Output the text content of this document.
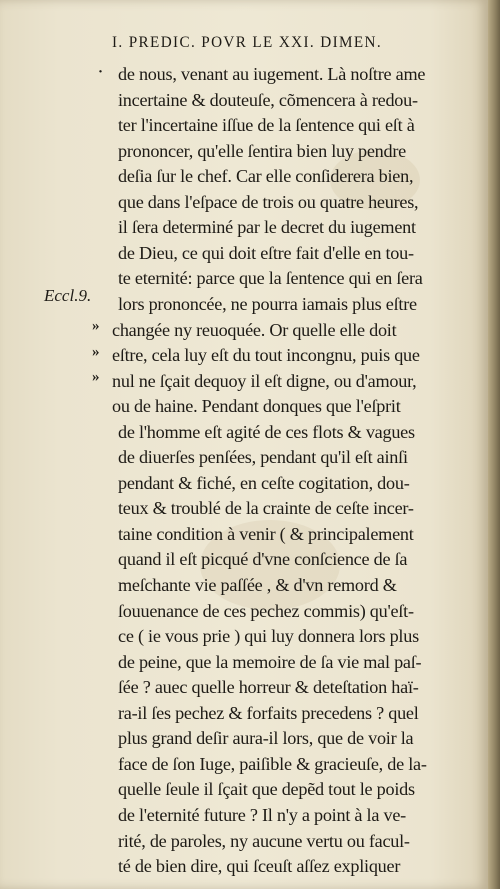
I. PREDIC. POVR LE XXI. DIMEN.
·
Eccl.9.
»
»
»
de nous, venant au iugement. Là noſtre ame
incertaine & douteuſe, cõmencera à redou-
ter l'incertaine iſſue de la ſentence qui eſt à
prononcer, qu'elle ſentira bien luy pendre
deſia ſur le chef. Car elle conſiderera bien,
que dans l'eſpace de trois ou quatre heures,
il ſera determiné par le decret du iugement
de Dieu, ce qui doit eſtre fait d'elle en tou-
te eternité: parce que la ſentence qui en ſera
lors prononcée, ne pourra iamais plus eſtre
changée ny reuoquée. Or quelle elle doit
eſtre, cela luy eſt du tout incongnu, puis que
nul ne ſçait dequoy il eſt digne, ou d'amour,
ou de haine. Pendant donques que l'eſprit
de l'homme eſt agité de ces flots & vagues
de diuerſes penſées, pendant qu'il eſt ainſi
pendant & fiché, en ceſte cogitation, dou-
teux & troublé de la crainte de ceſte incer-
taine condition à venir ( & principalement
quand il eſt picqué d'vne conſcience de ſa
meſchante vie paſſée , & d'vn remord &
ſouuenance de ces pechez commis) qu'eſt-
ce ( ie vous prie ) qui luy donnera lors plus
de peine, que la memoire de ſa vie mal paſ-
ſée ? auec quelle horreur & deteſtation haï-
ra-il ſes pechez & forfaits precedens ? quel
plus grand deſir aura-il lors, que de voir la
face de ſon Iuge, paiſible & gracieuſe, de la-
quelle ſeule il ſçait que depẽd tout le poids
de l'eternité future ? Il n'y a point à la ve-
rité, de paroles, ny aucune vertu ou facul-
té de bien dire, qui ſceuſt aſſez expliquer
